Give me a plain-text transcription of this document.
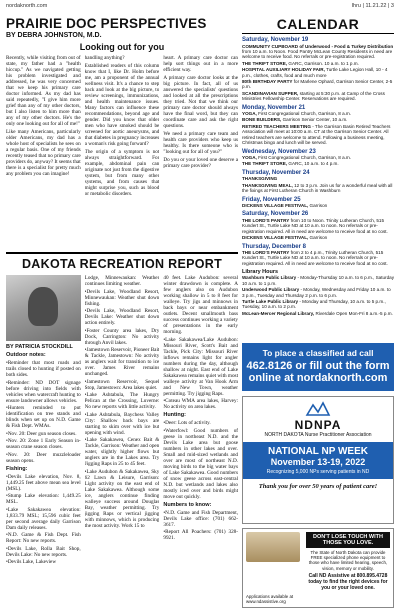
nordaknorth.com	Ihru | 11.21.22 | 3
PRAIRIE DOC PERSPECTIVES
BY DEBRA JOHNSTON, M.D.
Looking out for you

Recently, while visiting from out of state, my father had a "health hiccup." As we navigated getting his problem investigated and addressed, he was very concerned that we keep his primary care doctor informed. As my dad has said repeatedly, "I give him more grief than any of my other doctors, but I also listen to him more than any of my other doctors. He's the only one looking out for all of me!"

Like many Americans, particularly older Americans, my dad has a whole host of specialists he sees on a regular basis. One of my friends recently teased that no primary care providers do, anyway? It seems that there is a specialist for pretty much any problem you can imagine!

handling anything?

Established readers of this column know that I, like Dr. Holm before me, am a proponent of the annual wellness visit. It's a chance to step back and look at the big picture, to review screenings, immunizations, and health maintenance issues. Many factors can influence these recommendations, beyond age and gender. Did you know that older men who have smoked should be screened for aortic aneurysms, and that diabetes in pregnancy increases a woman's risk going forward?

The origin of a symptom is not always straightforward. For example, abdominal pain can originate not just from the digestive system, but from many other systems, and from causes that might surprise you, such as blood or metabolic disorders.

heart. A primary care doctor can help sort things out in a more efficient way.

A primary care doctor looks at the big picture. In fact, all of us answered the specialists' questions and looked at all the prescriptions they tried. Not that we think our primary care doctor should always have the final word, but they can coordinate care and ask the right questions.

We need a primary care team and health care providers who keep us healthy. Is there someone who is "looking out for all of you?"

Do you or your loved one deserve a primary care provider?

CALENDAR
Saturday, November 19
COMMUNITY CUPBOARD of Underwood - Food & Turkey Distribution from 10 a.m. to Noon. Food Pantry McLean County Residents in need are welcome to receive food. No referrals or pre-registration required.
THE THRIFT STORE, GARC, Garrison. 10 a.m. to 1 p.m.
HOSPITAL AUXILIARY HOLIDAY FAIR, Turtle Lake Legion Hall, 10 - 4 p.m., clothes, crafts, food and much more
80th BIRTHDAY PARTY for Marlene Ophard, Garrison Senior Center, 2-5 p.m.
SCANDINAVIAN SUPPER, starting at 5:30 p.m. at Camp of the Cross Ministries Fellowship Center. Reservations are required.
Monday, November 21
YOGA, First Congregational Church, Garrison, 8 a.m.
BONE BUILDERS, Garrison Senior Center, 10 a.m.
RETIRED TEACHERS MEETING - The Garrison Basin Retired Teachers Association will meet at 10:00 a.m. CT at the Garrison Senior Center. All retired teachers are welcome to attend. Following a business meeting, Christmas bingo and lunch will be served.
Wednesday, November 23
YOGA, First Congregational Church, Garrison, 8 a.m.
THE THRIFT STORE, GARC, 10 a.m. to 4 p.m.
Thursday, November 24
THANKSGIVING
THANKSGIVING MEAL, 12 to 3 p.m. Join us for a wonderful meal with all the fixings at First Lutheran Church in Washburn
Friday, November 25
DICKENS VILLAGE FESTIVAL, Garrison
Saturday, November 26
THE LORD'S PANTRY from 10 to Noon. Trinity Lutheran Church, 515 Kundert St., Turtle Lake ND at 10 a.m. to noon. No referrals or pre-registration required. All in need are welcome to receive food at no cost.
DICKENS VILLAGE FESTIVAL, Garrison
Thursday, December 8
THE LORD'S PANTRY from 2 to 4 p.m., Trinity Lutheran Church, 515 Kundert St., Turtle Lake ND at 10 a.m. to noon. No referrals or pre-registration required. All in need are welcome to receive food at no cost.
Library Hours
Washburn Public Library - Monday-Thursday 10 a.m. to 6 p.m., Saturday 10 a.m. to 1 p.m.
Underwood Public Library - Monday, Wednesday and Friday 10 a.m. to 3 p.m., Tuesday and Thursday 2 p.m. to 6 p.m.
Turtle Lake Public Library - Monday and Thursday, 10 a.m. to 5 p.m., Tuesday, 10 a.m. to 2 p.m.
McLean-Mercer Regional Library, Riverdale Open Mon-Fri 8 a.m.-5 p.m.
DAKOTA RECREATION REPORT
BY PATRICIA STOCKDILL
Outdoor notes:

•Reminder that most roads and trails closed to hunting if posted on both sides.

•Reminder: ND DOT signage before driving into fields with vehicles when watercraft hunting to ensure landowner allows vehicles.

•Hunters reminded to put identification on tree stands and blinds when set up on N.D. Game & Fish Dept. WMAs.

•Nov. 20: Deer gun season closes.

•Nov. 20: Zone 1 Early Season in-season crane season closes.

•Nov. 20: Deer muzzleloader season opens.

Fishing:

•Devils Lake elevation, Nov. 8, 1,449.25 feet above mean sea level (MSL).

•Stump Lake elevation: 1,449.25 MSL.

•Lake Sakakawea elevation: 1,833.79 MSL; 15,596 cubic feet per second average daily Garrison Dam daily releases.

•N.D. Game & Fish Dept. Fish Report: No new reports.

•Devils Lake, Rolla Bait Shop, Devils Lake: No new reports.

•Devils Lake, Lakeview

Lodge, Minnewaukan: Weather continues limiting weather.

•Devils Lake, Woodland Resort, Minnewaukan: Weather shut down fishing.

•Devils Lake, Woodland Resort, Devils Lake: Weather shut down action entirely.

•Foster County area lakes, Dry Dock, Carrington: No activity through Anvil lakes.

•Jamestown Reservoir, Pioneer Bait & Tackle, Jamestown: No activity as anglers wait for transition to ice over. James River remains unchanged.

•Jamestown Reservoir, Sequel Stop, Jamestown: Area lakes quiet.

•Lake Ashtabula, The Hungry Pelican at the Crossing, Luverne: No new reports with little activity.

•Lake Ashtabula, Baychess Valley City: Shallow back bays are starting to skim over with ice but opening with wind.

•Lake Sakakawea, Cenex Bait & Tackle, Garrison: Weather and open water, slightly higher flows but anglers are in the Lakes area. Try Jigging Raps in 25 to 45 feet.

•Lake Audubon & Sakakawea, Sky 62 Lawn & Leisure, Garrison: Light activity on the east end of Lake Sakakawea. Although some ice, anglers continue finding walleye success around Douglas Bay, weather permitting. Try jigging Raps or vertical jigging with minnows, which is producing the most activity. Work 15 to

40 feet. Lake Audubon: several winter drawdown is complete. A few anglers also on Audubon working shallow in 5 to 8 feet for walleye. Try jigs and minnows in back bays or near embankment outlets. Decent smallmouth bass success continues working a variety of presentations in the early morning.

•Lake Sakakawea/Lake Audubon: Missouri River, Scott's Bait and Tackle, Pick City: Missouri River inflows remains light for angler numbers during the day, although shallow at night. East end of Lake Sakakawea remains quiet with most walleye activity at Van Hook Arm and New Town, weather permitting. Try jigging Raps.

•Coteau WMA area lakes, Harvey: No activity on area lakes.

Hunting:

•Deer: Lots of activity.

•Waterfowl: Good numbers of geese in northeast N.D. and the Devils Lake area but goose numbers in other lakes and over. Small and mid-sized wetlands and over are most of northeast N.D. moving birds to the big water bays of Lake Sakakawea. Good numbers of snow geese across east-central N.D. but wetlands and lakes also mostly iced over and birds might move out quickly.

Numbers to know:

•N.D. Game and Fish Department, Devils Lake office: (701) 662-3617.

•Report All Poachers: (701) 328-9921.

To place a classified ad call
462.8126 or fill out the form online at nordaknorth.com
NDNPA
NORTH DAKOTA Nurse Practitioner Association
NATIONAL NP WEEK
November 13-19, 2022
Recognizing 5,000 NPs serving patients in ND
Thank you for over 50 years of patient care!
Applications available at www.ndassistive.org
DON'T LOSE TOUCH WITH THOSE YOU LOVE.
The State of North Dakota can provide FREE specialized phone equipment to those who have limited hearing, speech, vision, memory or mobility.
Call ND Assistive at 800.895.4728 today to find the right devices for you or your loved one.
